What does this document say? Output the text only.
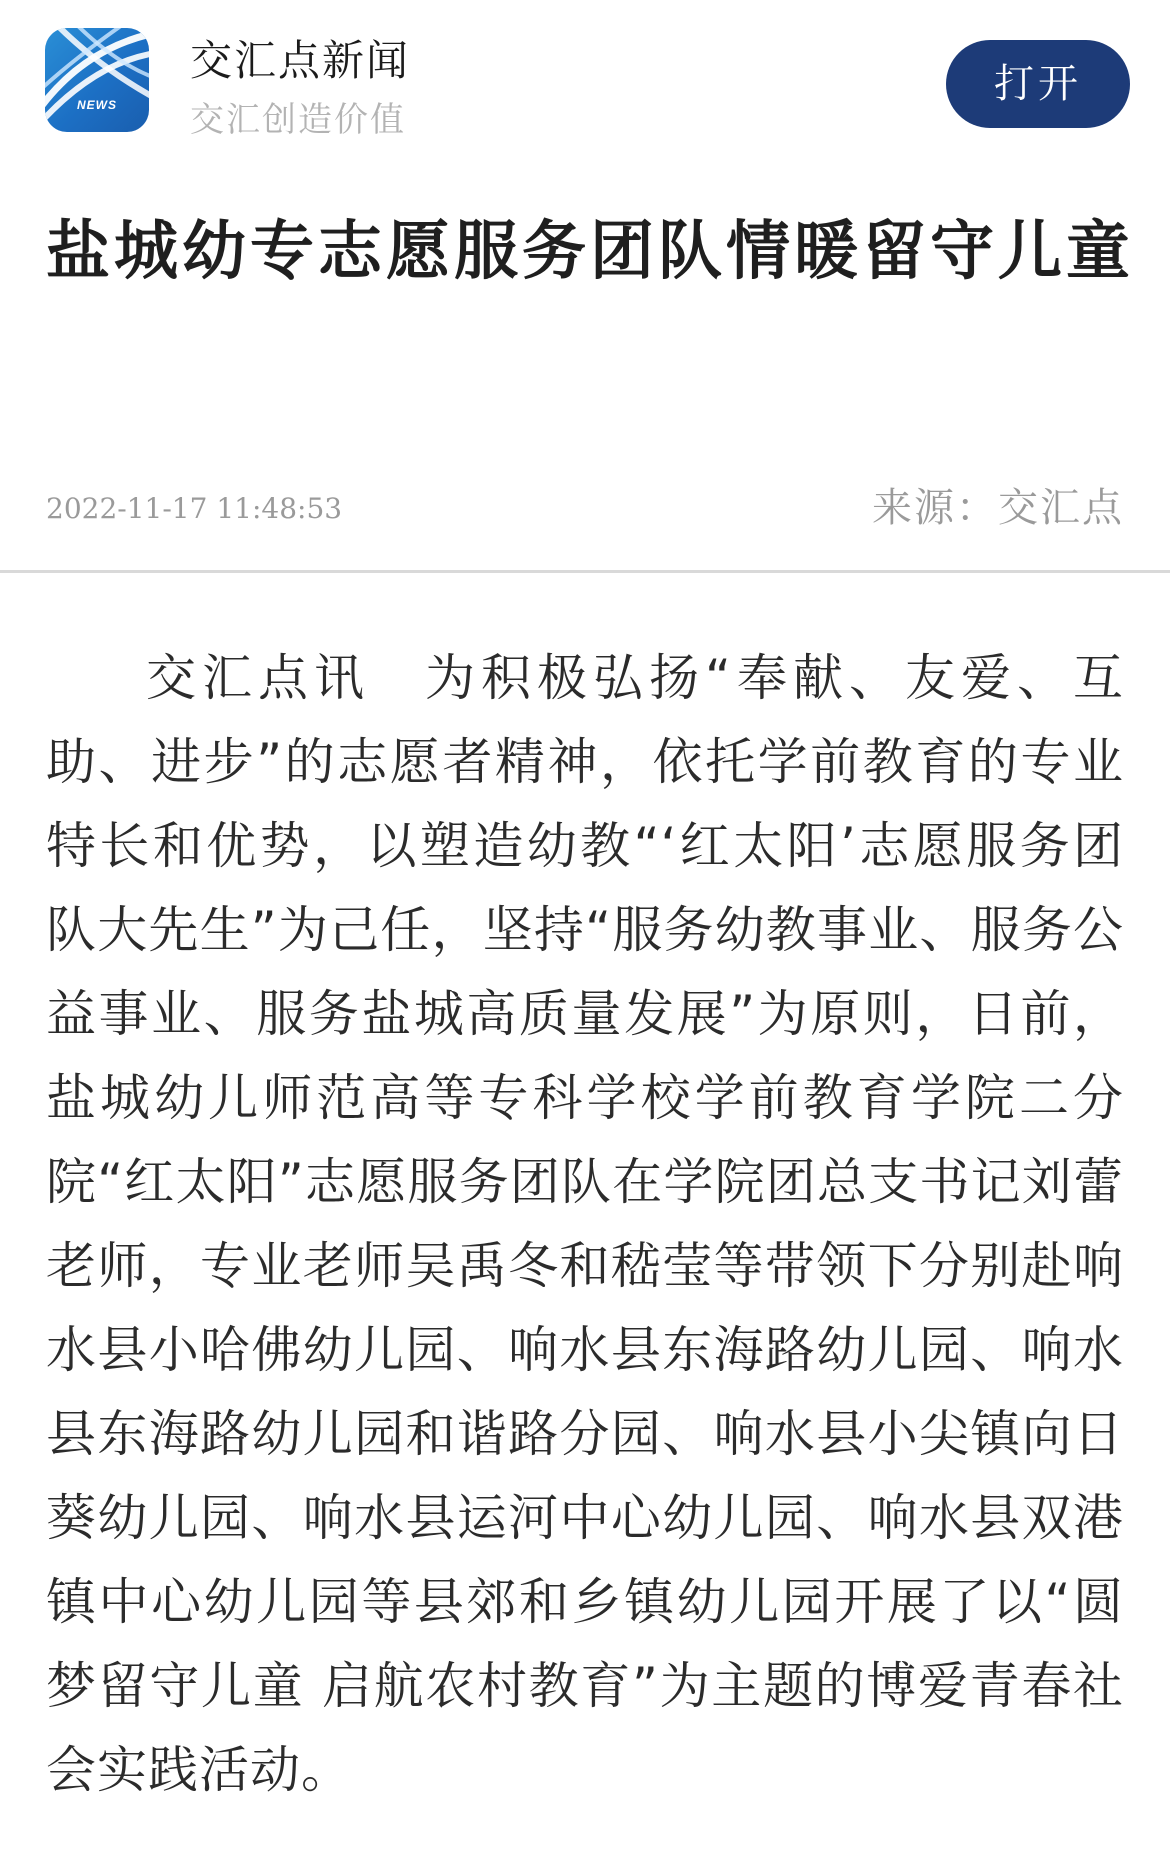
NEWS
交汇点新闻
交汇创造价值
打开
盐城幼专志愿服务团队情暖留守儿童
2022-11-17 11:48:53	来源：交汇点

交汇点讯 为积极弘扬“奉献、友爱、互助、进步”的志愿者精神，依托学前教育的专业特长和优势，以塑造幼教“‘红太阳’志愿服务团队大先生”为己任，坚持“服务幼教事业、服务公益事业、服务盐城高质量发展”为原则，日前，盐城幼儿师范高等专科学校学前教育学院二分院“红太阳”志愿服务团队在学院团总支书记刘蕾老师，专业老师吴禹冬和嵇莹等带领下分别赴响水县小哈佛幼儿园、响水县东海路幼儿园、响水县东海路幼儿园和谐路分园、响水县小尖镇向日葵幼儿园、响水县运河中心幼儿园、响水县双港镇中心幼儿园等县郊和乡镇幼儿园开展了以“圆梦留守儿童 启航农村教育”为主题的博爱青春社会实践活动。
